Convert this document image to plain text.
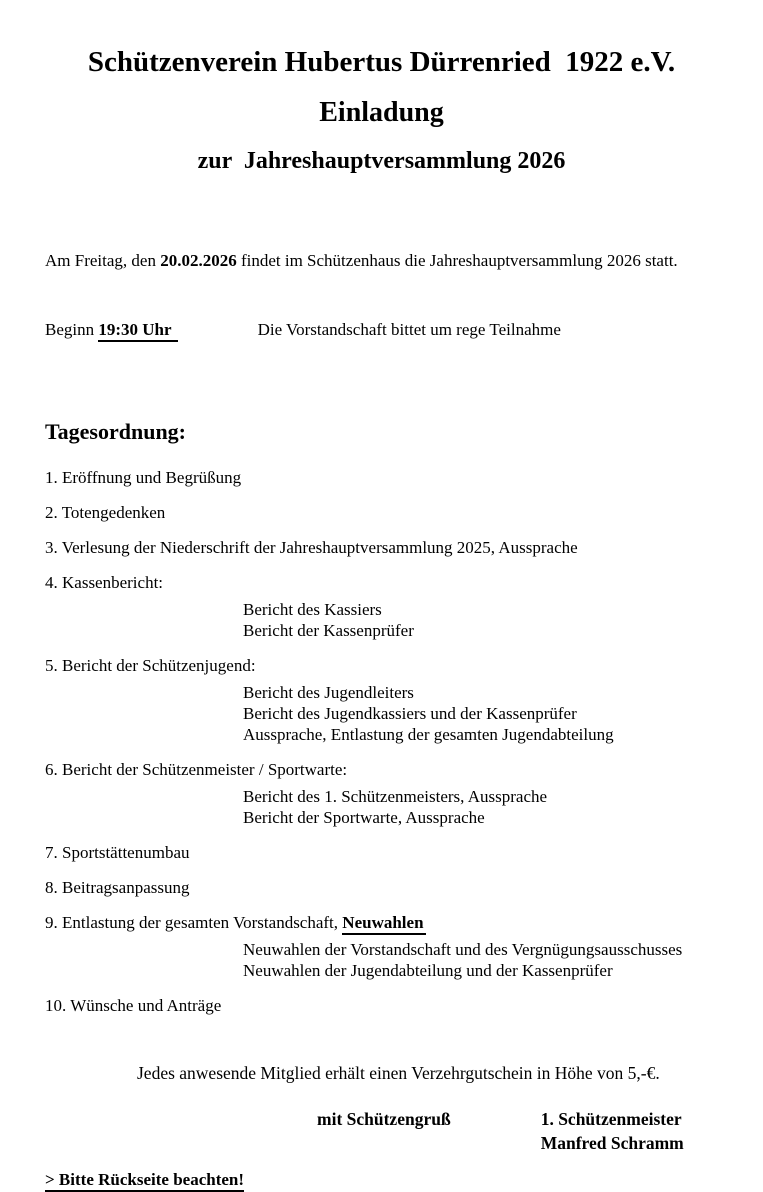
Schützenverein Hubertus Dürrenried  1922 e.V.
Einladung
zur  Jahreshauptversammlung 2026

Am Freitag, den 20.02.2026 findet im Schützenhaus die Jahreshauptversammlung 2026 statt.

Beginn 19:30 Uhr	Die Vorstandschaft bittet um rege Teilnahme

Tagesordnung:
1. Eröffnung und Begrüßung
2. Totengedenken
3. Verlesung der Niederschrift der Jahreshauptversammlung 2025, Aussprache
4. Kassenbericht:
Bericht des Kassiers
Bericht der Kassenprüfer
5. Bericht der Schützenjugend:
Bericht des Jugendleiters
Bericht des Jugendkassiers und der Kassenprüfer
Aussprache, Entlastung der gesamten Jugendabteilung
6. Bericht der Schützenmeister / Sportwarte:
Bericht des 1. Schützenmeisters, Aussprache
Bericht der Sportwarte, Aussprache
7. Sportstättenumbau
8. Beitragsanpassung
9. Entlastung der gesamten Vorstandschaft, Neuwahlen
Neuwahlen der Vorstandschaft und des Vergnügungsausschusses
Neuwahlen der Jugendabteilung und der Kassenprüfer
10. Wünsche und Anträge
Jedes anwesende Mitglied erhält einen Verzehrgutschein in Höhe von 5,-€.
mit Schützengruß	1. Schützenmeister
Manfred Schramm
> Bitte Rückseite beachten!
